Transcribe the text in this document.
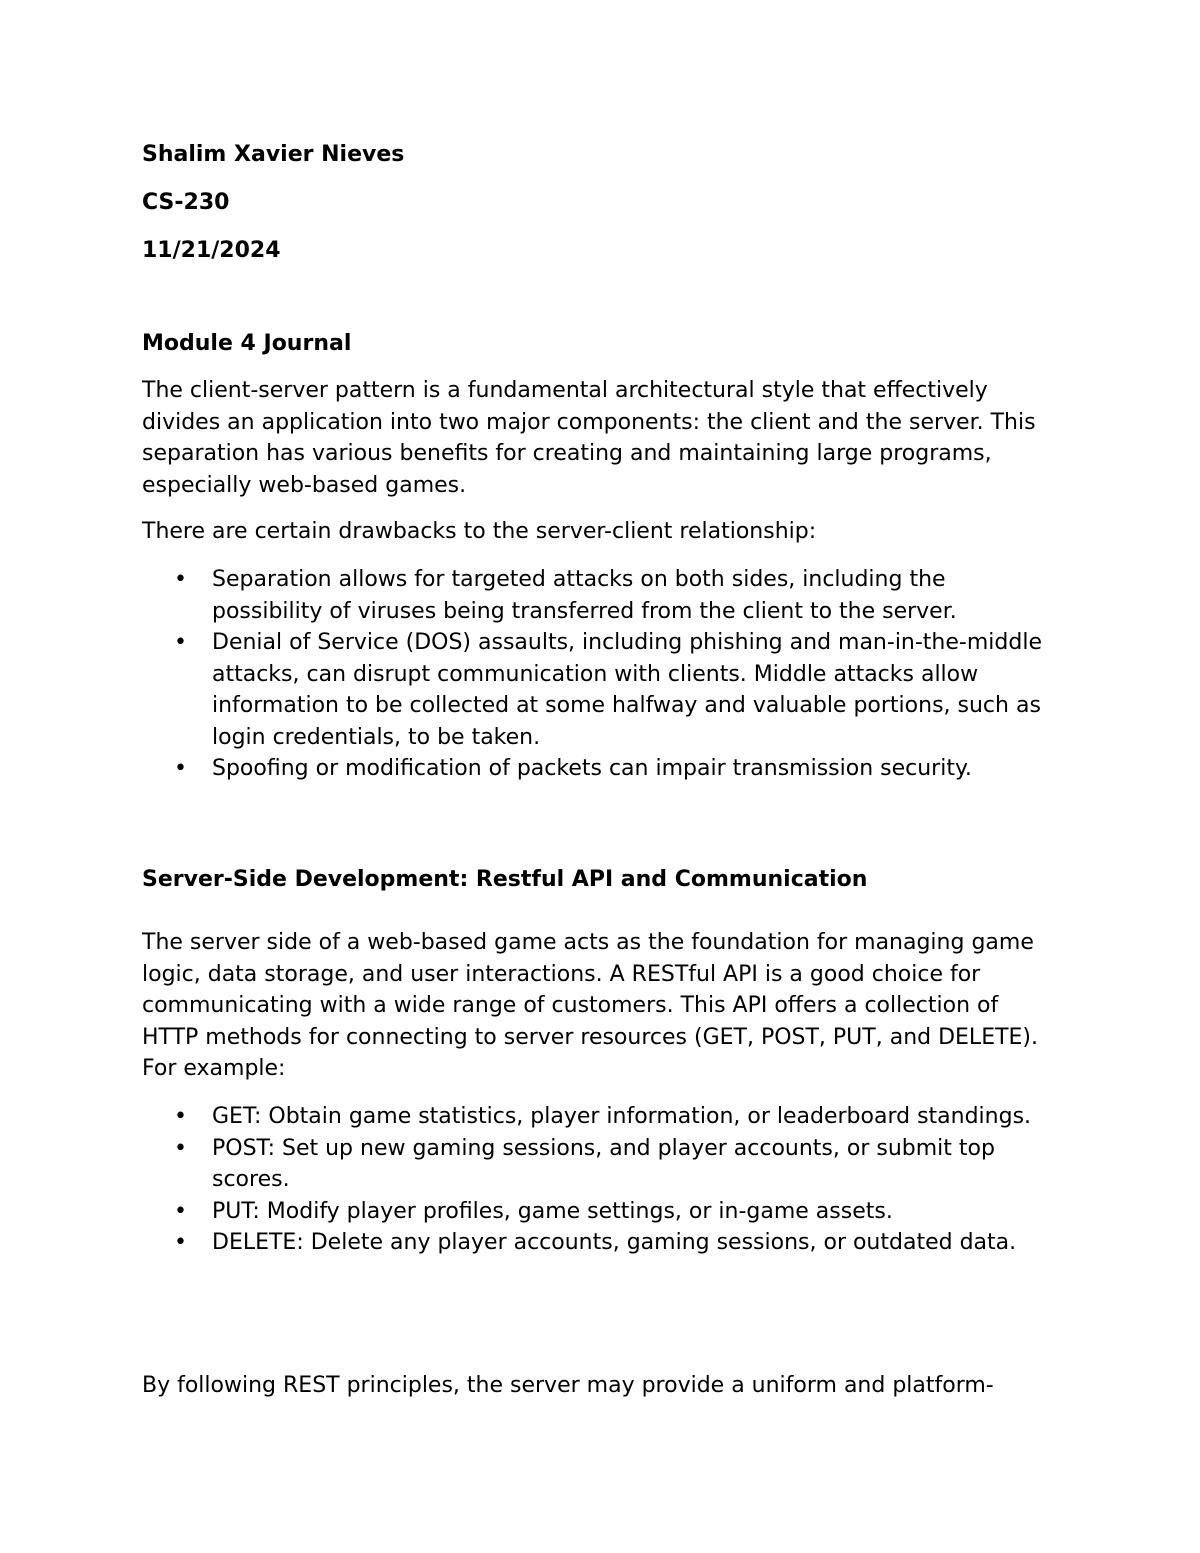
Shalim Xavier Nieves

CS-230

11/21/2024

Module 4 Journal

The client-server pattern is a fundamental architectural style that effectively divides an application into two major components: the client and the server. This separation has various benefits for creating and maintaining large programs, especially web-based games.

There are certain drawbacks to the server-client relationship:

• Separation allows for targeted attacks on both sides, including the possibility of viruses being transferred from the client to the server.
• Denial of Service (DOS) assaults, including phishing and man-in-the-middle attacks, can disrupt communication with clients. Middle attacks allow information to be collected at some halfway and valuable portions, such as login credentials, to be taken.
• Spoofing or modification of packets can impair transmission security.

Server-Side Development: Restful API and Communication

The server side of a web-based game acts as the foundation for managing game logic, data storage, and user interactions. A RESTful API is a good choice for communicating with a wide range of customers. This API offers a collection of HTTP methods for connecting to server resources (GET, POST, PUT, and DELETE). For example:

• GET: Obtain game statistics, player information, or leaderboard standings.
• POST: Set up new gaming sessions, and player accounts, or submit top scores.
• PUT: Modify player profiles, game settings, or in-game assets.
• DELETE: Delete any player accounts, gaming sessions, or outdated data.

By following REST principles, the server may provide a uniform and platform-
